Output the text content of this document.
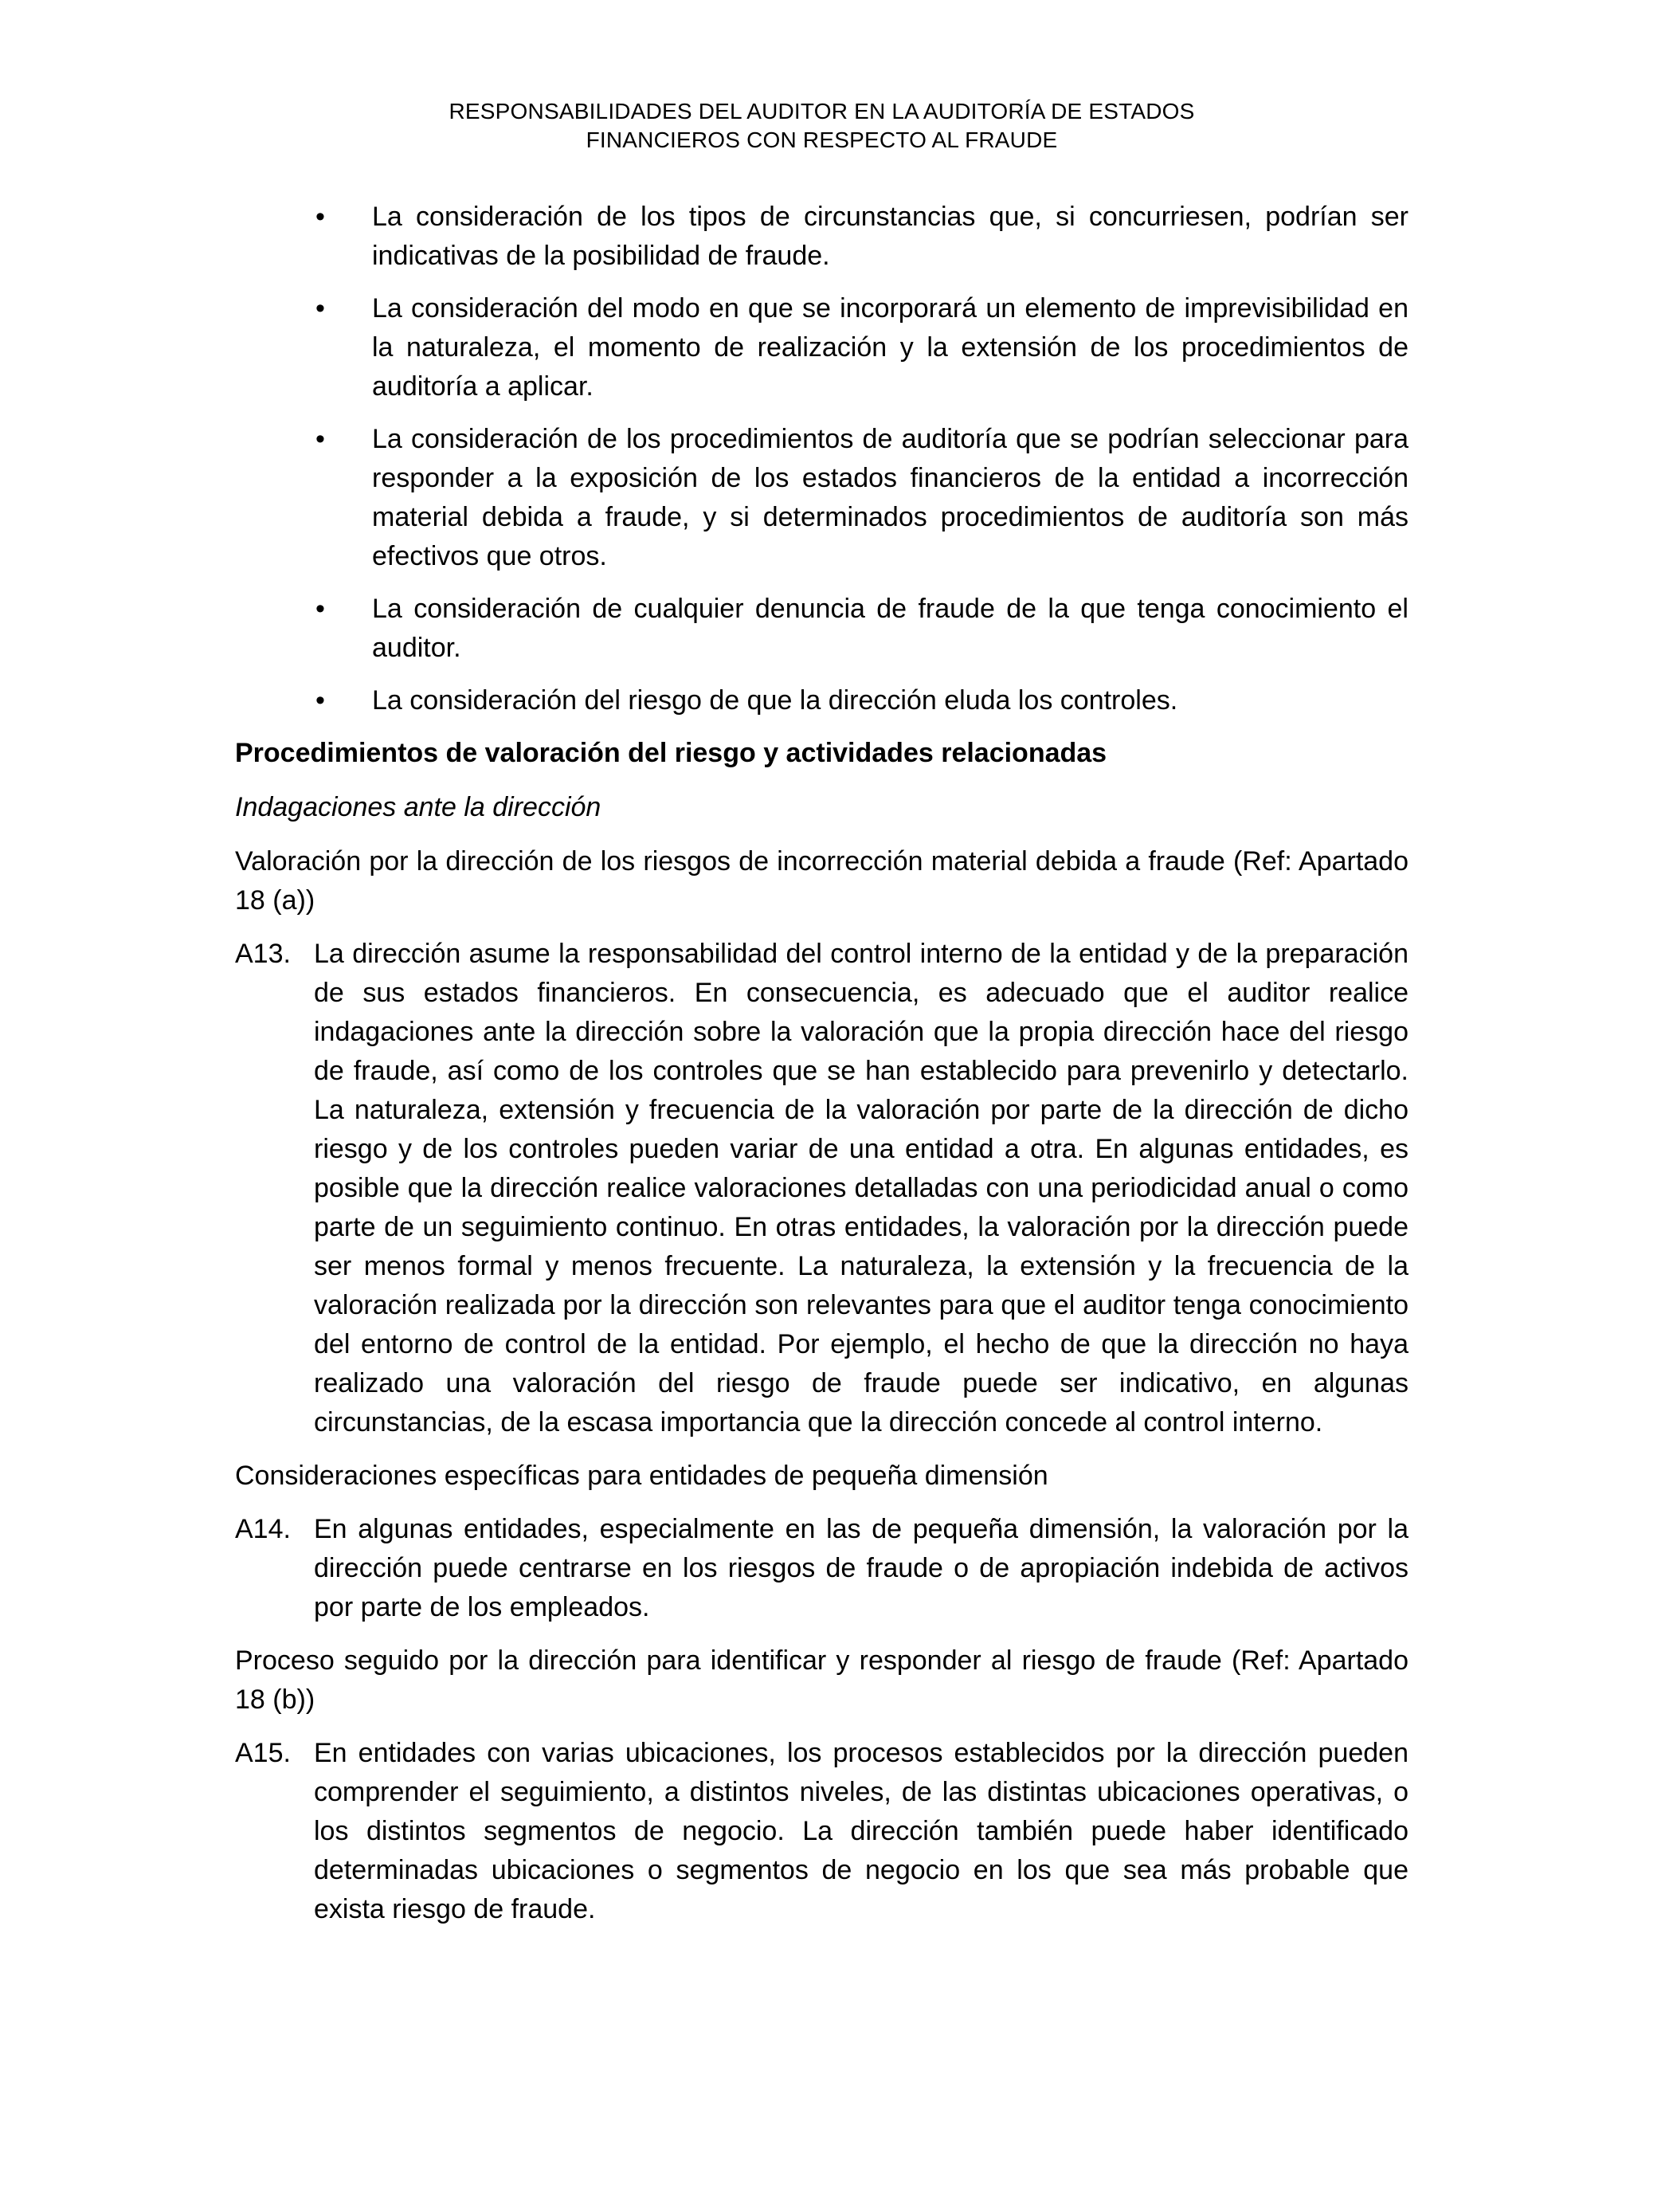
RESPONSABILIDADES DEL AUDITOR EN LA AUDITORÍA DE ESTADOS
FINANCIEROS CON RESPECTO AL FRAUDE
• La consideración de los tipos de circunstancias que, si concurriesen, podrían ser indicativas de la posibilidad de fraude.
• La consideración del modo en que se incorporará un elemento de imprevisibilidad en la naturaleza, el momento de realización y la extensión de los procedimientos de auditoría a aplicar.
• La consideración de los procedimientos de auditoría que se podrían seleccionar para responder a la exposición de los estados financieros de la entidad a incorrección material debida a fraude, y si determinados procedimientos de auditoría son más efectivos que otros.
• La consideración de cualquier denuncia de fraude de la que tenga conocimiento el auditor.
• La consideración del riesgo de que la dirección eluda los controles.
Procedimientos de valoración del riesgo y actividades relacionadas
Indagaciones ante la dirección

Valoración por la dirección de los riesgos de incorrección material debida a fraude (Ref: Apartado 18 (a))

A13. La dirección asume la responsabilidad del control interno de la entidad y de la preparación de sus estados financieros. En consecuencia, es adecuado que el auditor realice indagaciones ante la dirección sobre la valoración que la propia dirección hace del riesgo de fraude, así como de los controles que se han establecido para prevenirlo y detectarlo. La naturaleza, extensión y frecuencia de la valoración por parte de la dirección de dicho riesgo y de los controles pueden variar de una entidad a otra. En algunas entidades, es posible que la dirección realice valoraciones detalladas con una periodicidad anual o como parte de un seguimiento continuo. En otras entidades, la valoración por la dirección puede ser menos formal y menos frecuente. La naturaleza, la extensión y la frecuencia de la valoración realizada por la dirección son relevantes para que el auditor tenga conocimiento del entorno de control de la entidad. Por ejemplo, el hecho de que la dirección no haya realizado una valoración del riesgo de fraude puede ser indicativo, en algunas circunstancias, de la escasa importancia que la dirección concede al control interno.

Consideraciones específicas para entidades de pequeña dimensión

A14. En algunas entidades, especialmente en las de pequeña dimensión, la valoración por la dirección puede centrarse en los riesgos de fraude o de apropiación indebida de activos por parte de los empleados.

Proceso seguido por la dirección para identificar y responder al riesgo de fraude (Ref: Apartado 18 (b))

A15. En entidades con varias ubicaciones, los procesos establecidos por la dirección pueden comprender el seguimiento, a distintos niveles, de las distintas ubicaciones operativas, o los distintos segmentos de negocio. La dirección también puede haber identificado determinadas ubicaciones o segmentos de negocio en los que sea más probable que exista riesgo de fraude.
